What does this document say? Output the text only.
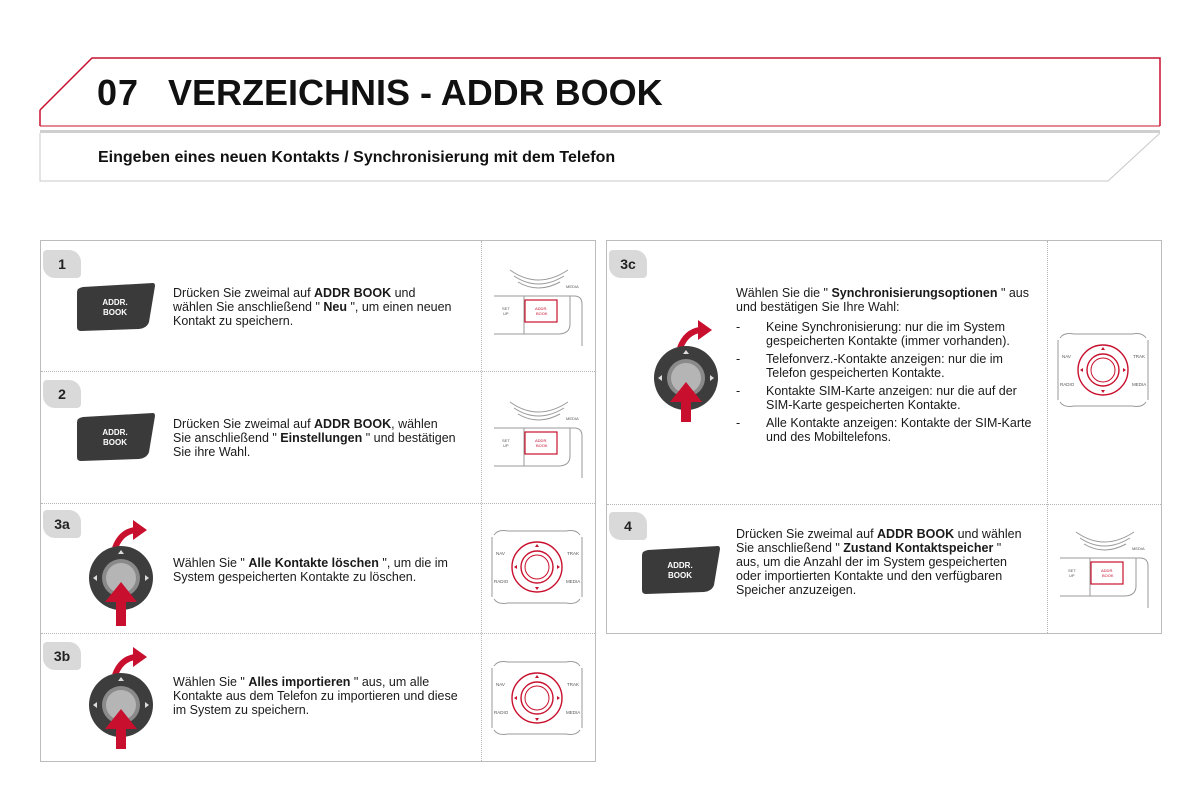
07 VERZEICHNIS - ADDR BOOK
Eingeben eines neuen Kontakts / Synchronisierung mit dem Telefon
1
ADDR.
BOOK
Drücken Sie zweimal auf ADDR BOOK und wählen Sie anschließend " Neu ", um einen neuen Kontakt zu speichern.
MEDIA
SET
UP
ADDR.
BOOK
2
ADDR.
BOOK
Drücken Sie zweimal auf ADDR BOOK, wählen Sie anschließend " Einstellungen " und bestätigen Sie ihre Wahl.
MEDIA
SET
UP
ADDR.
BOOK
3a
Wählen Sie " Alle Kontakte löschen ", um die im System gespeicherten Kontakte zu löschen.
NAV	TRAK
RADIO	MEDIA
3b
Wählen Sie " Alles importieren " aus, um alle Kontakte aus dem Telefon zu importieren und diese im System zu speichern.
NAV	TRAK
RADIO	MEDIA
3c
Wählen Sie die " Synchronisierungsoptionen " aus und bestätigen Sie Ihre Wahl:
- Keine Synchronisierung: nur die im System gespeicherten Kontakte (immer vorhanden).
- Telefonverz.-Kontakte anzeigen: nur die im Telefon gespeicherten Kontakte.
- Kontakte SIM-Karte anzeigen: nur die auf der SIM-Karte gespeicherten Kontakte.
- Alle Kontakte anzeigen: Kontakte der SIM-Karte und des Mobiltelefons.
NAV	TRAK
RADIO	MEDIA
4
ADDR.
BOOK
Drücken Sie zweimal auf ADDR BOOK und wählen Sie anschließend " Zustand Kontaktspeicher " aus, um die Anzahl der im System gespeicherten oder importierten Kontakte und den verfügbaren Speicher anzuzeigen.
MEDIA
SET
UP
ADDR.
BOOK
